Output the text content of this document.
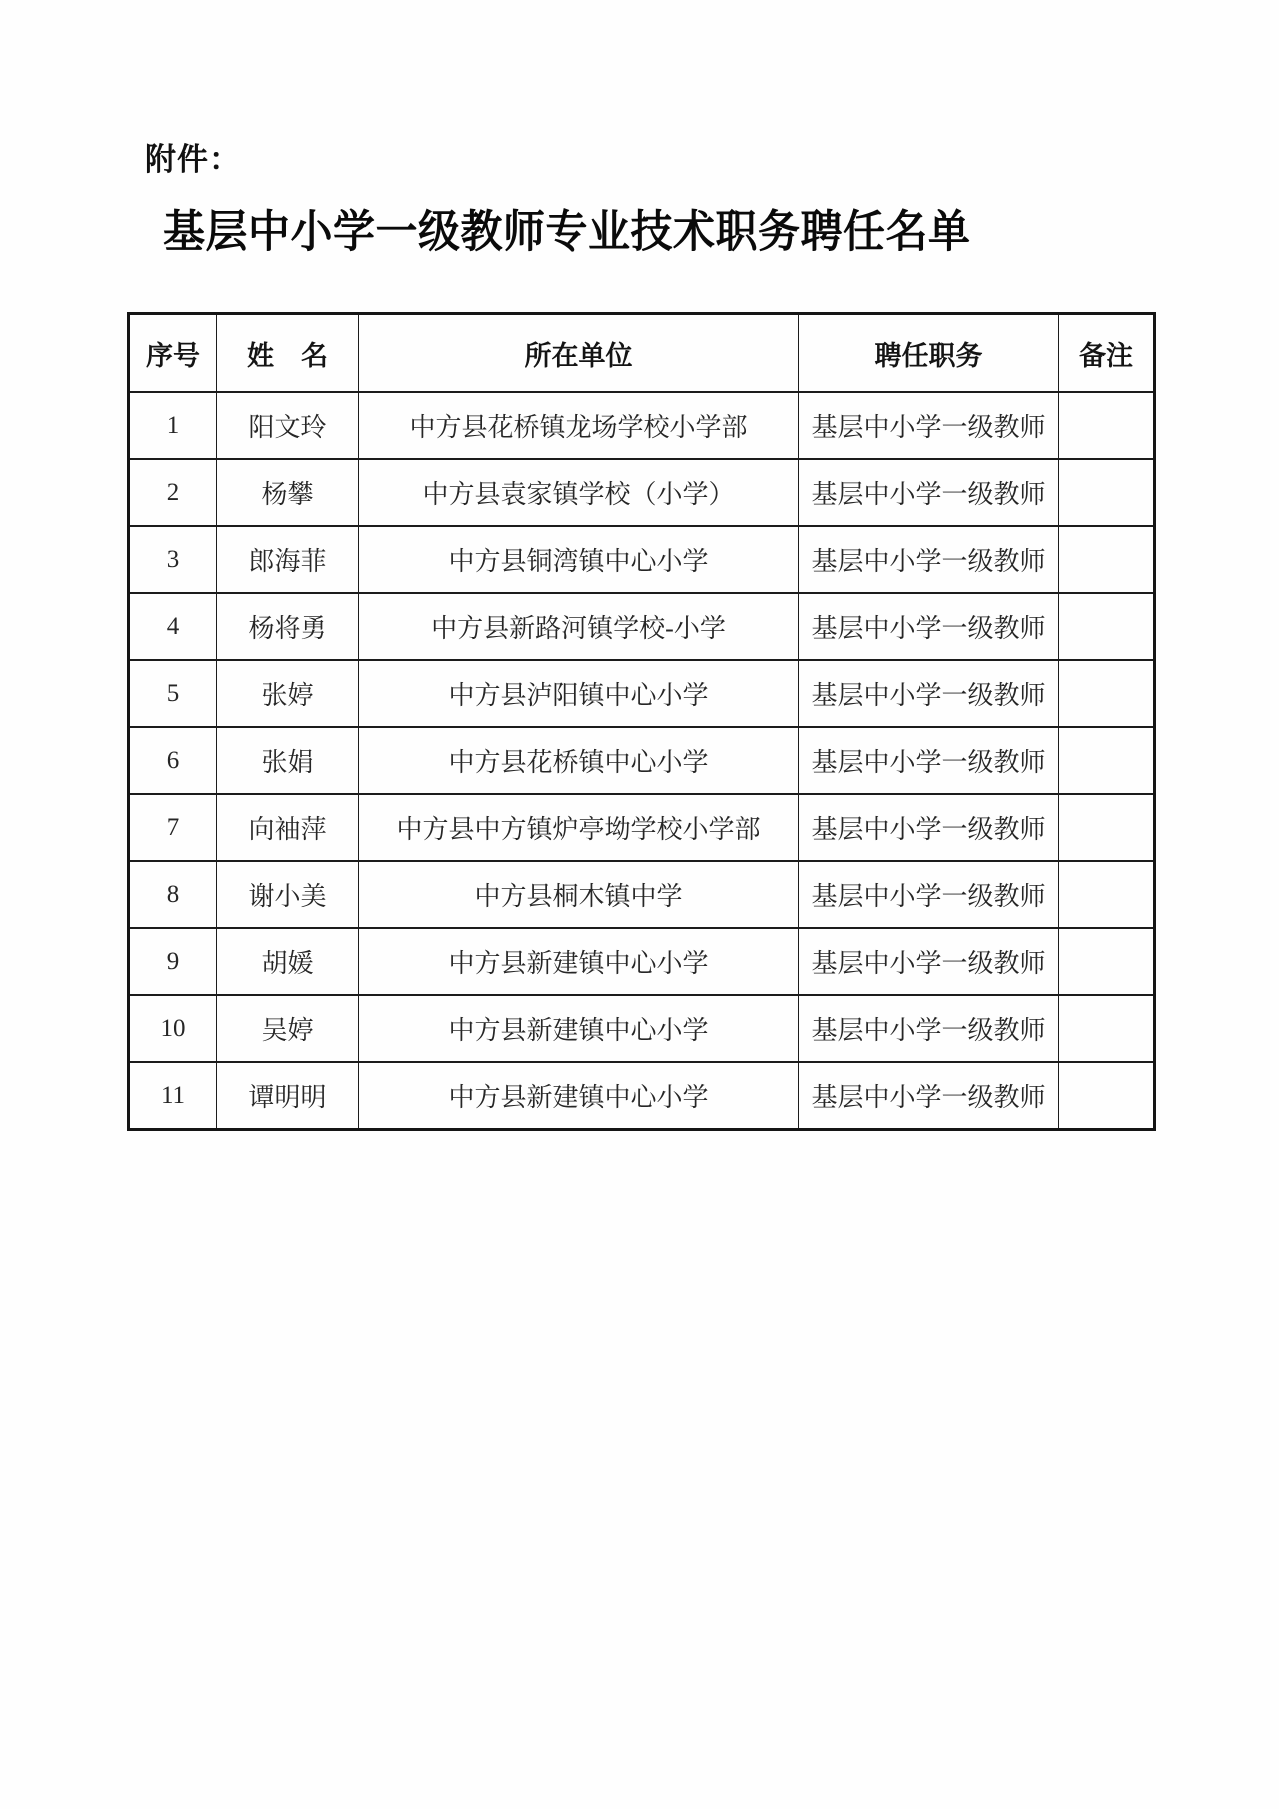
附件：
基层中小学一级教师专业技术职务聘任名单
序号	姓　名	所在单位	聘任职务	备注
1	阳文玲	中方县花桥镇龙场学校小学部	基层中小学一级教师	
2	杨攀	中方县袁家镇学校（小学）	基层中小学一级教师	
3	郎海菲	中方县铜湾镇中心小学	基层中小学一级教师	
4	杨将勇	中方县新路河镇学校-小学	基层中小学一级教师	
5	张婷	中方县泸阳镇中心小学	基层中小学一级教师	
6	张娟	中方县花桥镇中心小学	基层中小学一级教师	
7	向袖萍	中方县中方镇炉亭坳学校小学部	基层中小学一级教师	
8	谢小美	中方县桐木镇中学	基层中小学一级教师	
9	胡媛	中方县新建镇中心小学	基层中小学一级教师	
10	吴婷	中方县新建镇中心小学	基层中小学一级教师	
11	谭明明	中方县新建镇中心小学	基层中小学一级教师	
